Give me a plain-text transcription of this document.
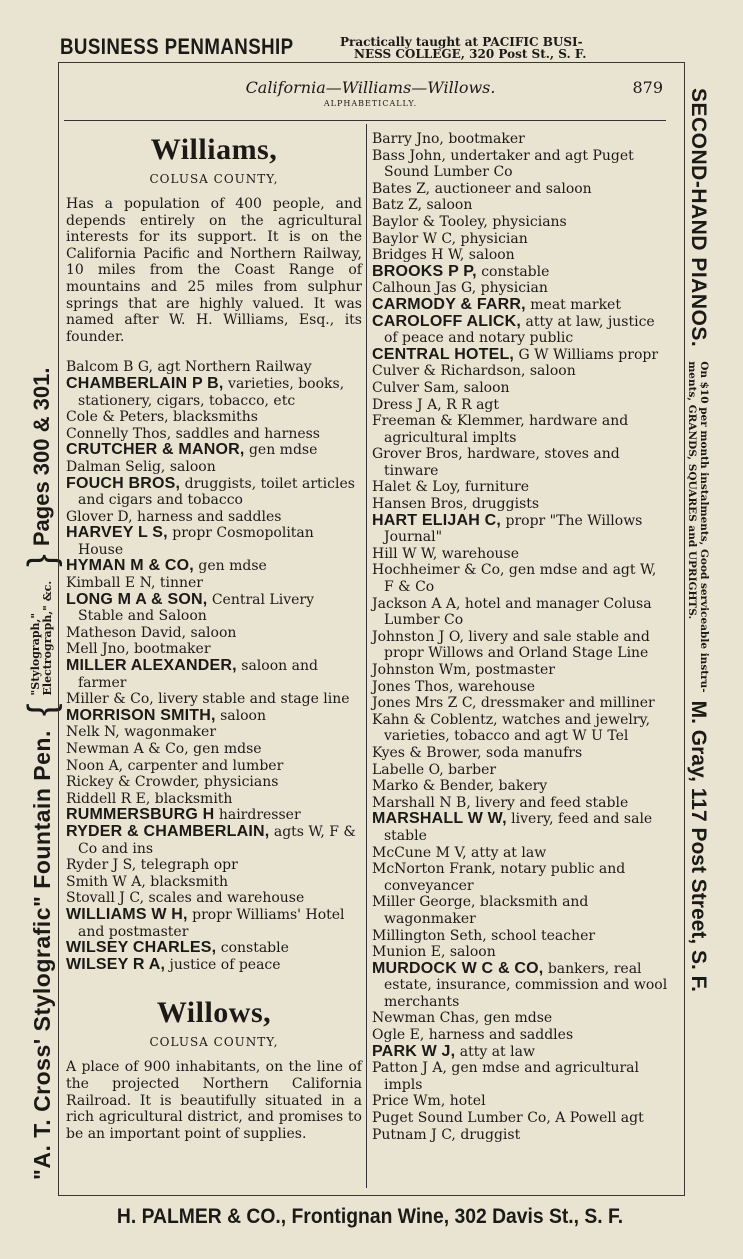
BUSINESS PENMANSHIP	Practically taught at PACIFIC BUSI-
NESS COLLEGE, 320 Post St., S. F.
"A. T. Cross' Stylografic" Fountain Pen.
{
"Stylograph," Electrograph," &c.
}
Pages 300 & 301.
SECOND-HAND PIANOS.
On $10 per month instalments, Good serviceable instru-
ments, GRANDS, SQUARES and UPRIGHTS.
M. Gray, 117 Post Street, S. F.
California—Williams—Willows.	879
ALPHABETICALLY.
Williams,
COLUSA COUNTY,
Has a population of 400 people, and depends entirely on the agricultural interests for its support. It is on the California Pacific and Northern Railway, 10 miles from the Coast Range of mountains and 25 miles from sulphur springs that are highly valued. It was named after W. H. Williams, Esq., its founder.
Balcom B G, agt Northern Railway
CHAMBERLAIN P B, varieties, books, stationery, cigars, tobacco, etc
Cole & Peters, blacksmiths
Connelly Thos, saddles and harness
CRUTCHER & MANOR, gen mdse
Dalman Selig, saloon
FOUCH BROS, druggists, toilet articles and cigars and tobacco
Glover D, harness and saddles
HARVEY L S, propr Cosmopolitan House
HYMAN M & CO, gen mdse
Kimball E N, tinner
LONG M A & SON, Central Livery Stable and Saloon
Matheson David, saloon
Mell Jno, bootmaker
MILLER ALEXANDER, saloon and farmer
Miller & Co, livery stable and stage line
MORRISON SMITH, saloon
Nelk N, wagonmaker
Newman A & Co, gen mdse
Noon A, carpenter and lumber
Rickey & Crowder, physicians
Riddell R E, blacksmith
RUMMERSBURG H hairdresser
RYDER & CHAMBERLAIN, agts W, F & Co and ins
Ryder J S, telegraph opr
Smith W A, blacksmith
Stovall J C, scales and warehouse
WILLIAMS W H, propr Williams' Hotel and postmaster
WILSEY CHARLES, constable
WILSEY R A, justice of peace
Willows,
COLUSA COUNTY,
A place of 900 inhabitants, on the line of the projected Northern California Railroad. It is beautifully situated in a rich agricultural district, and promises to be an important point of supplies.
Barry Jno, bootmaker
Bass John, undertaker and agt Puget Sound Lumber Co
Bates Z, auctioneer and saloon
Batz Z, saloon
Baylor & Tooley, physicians
Baylor W C, physician
Bridges H W, saloon
BROOKS P P, constable
Calhoun Jas G, physician
CARMODY & FARR, meat market
CAROLOFF ALICK, atty at law, justice of peace and notary public
CENTRAL HOTEL, G W Williams propr
Culver & Richardson, saloon
Culver Sam, saloon
Dress J A, R R agt
Freeman & Klemmer, hardware and agricultural implts
Grover Bros, hardware, stoves and tinware
Halet & Loy, furniture
Hansen Bros, druggists
HART ELIJAH C, propr "The Willows Journal"
Hill W W, warehouse
Hochheimer & Co, gen mdse and agt W, F & Co
Jackson A A, hotel and manager Colusa Lumber Co
Johnston J O, livery and sale stable and propr Willows and Orland Stage Line
Johnston Wm, postmaster
Jones Thos, warehouse
Jones Mrs Z C, dressmaker and milliner
Kahn & Coblentz, watches and jewelry, varieties, tobacco and agt W U Tel
Kyes & Brower, soda manufrs
Labelle O, barber
Marko & Bender, bakery
Marshall N B, livery and feed stable
MARSHALL W W, livery, feed and sale stable
McCune M V, atty at law
McNorton Frank, notary public and conveyancer
Miller George, blacksmith and wagonmaker
Millington Seth, school teacher
Munion E, saloon
MURDOCK W C & CO, bankers, real estate, insurance, commission and wool merchants
Newman Chas, gen mdse
Ogle E, harness and saddles
PARK W J, atty at law
Patton J A, gen mdse and agricultural impls
Price Wm, hotel
Puget Sound Lumber Co, A Powell agt
Putnam J C, druggist
H. PALMER & CO., Frontignan Wine, 302 Davis St., S. F.
